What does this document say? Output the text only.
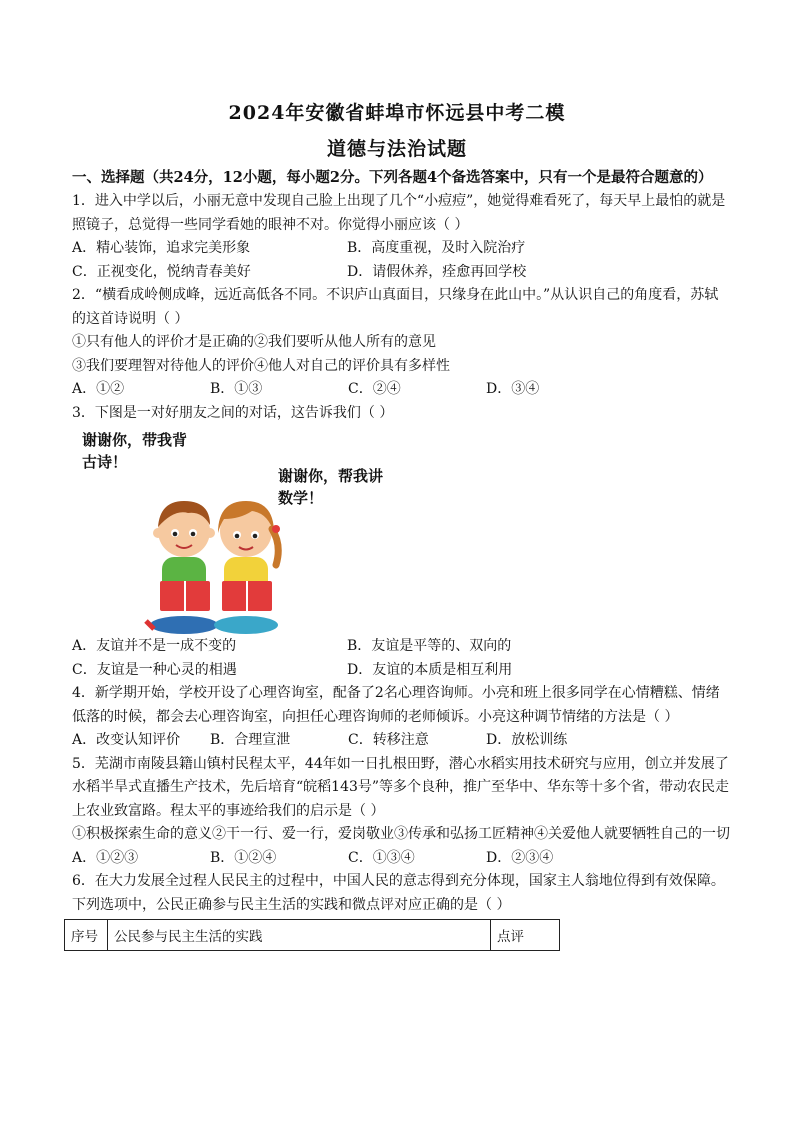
2024年安徽省蚌埠市怀远县中考二模
道德与法治试题

一、选择题（共24分，12小题，每小题2分。下列各题4个备选答案中，只有一个是最符合题意的）

1．进入中学以后，小丽无意中发现自己脸上出现了几个“小痘痘”，她觉得难看死了，每天早上最怕的就是照镜子，总觉得一些同学看她的眼神不对。你觉得小丽应该（ ）

A．精心装饰，追求完美形象	B．高度重视，及时入院治疗
C．正视变化，悦纳青春美好	D．请假休养，痊愈再回学校

2．“横看成岭侧成峰，远近高低各不同。不识庐山真面目，只缘身在此山中。”从认识自己的角度看，苏轼的这首诗说明（ ）

①只有他人的评价才是正确的②我们要听从他人所有的意见

③我们要理智对待他人的评价④他人对自己的评价具有多样性

A．①②	B．①③	C．②④	D．③④

3．下图是一对好朋友之间的对话，这告诉我们（ ）

谢谢你，带我背古诗！
谢谢你，帮我讲数学！
A．友谊并不是一成不变的	B．友谊是平等的、双向的
C．友谊是一种心灵的相遇	D．友谊的本质是相互利用

4．新学期开始，学校开设了心理咨询室，配备了2名心理咨询师。小亮和班上很多同学在心情糟糕、情绪低落的时候，都会去心理咨询室，向担任心理咨询师的老师倾诉。小亮这种调节情绪的方法是（ ）

A．改变认知评价	B．合理宣泄	C．转移注意	D．放松训练

5．芜湖市南陵县籍山镇村民程太平，44年如一日扎根田野，潜心水稻实用技术研究与应用，创立并发展了水稻半旱式直播生产技术，先后培育“皖稻143号”等多个良种，推广至华中、华东等十多个省，带动农民走上农业致富路。程太平的事迹给我们的启示是（ ）

①积极探索生命的意义②干一行、爱一行，爱岗敬业③传承和弘扬工匠精神④关爱他人就要牺牲自己的一切

A．①②③	B．①②④	C．①③④	D．②③④

6．在大力发展全过程人民民主的过程中，中国人民的意志得到充分体现，国家主人翁地位得到有效保障。下列选项中，公民正确参与民主生活的实践和微点评对应正确的是（ ）

序号	公民参与民主生活的实践	点评
